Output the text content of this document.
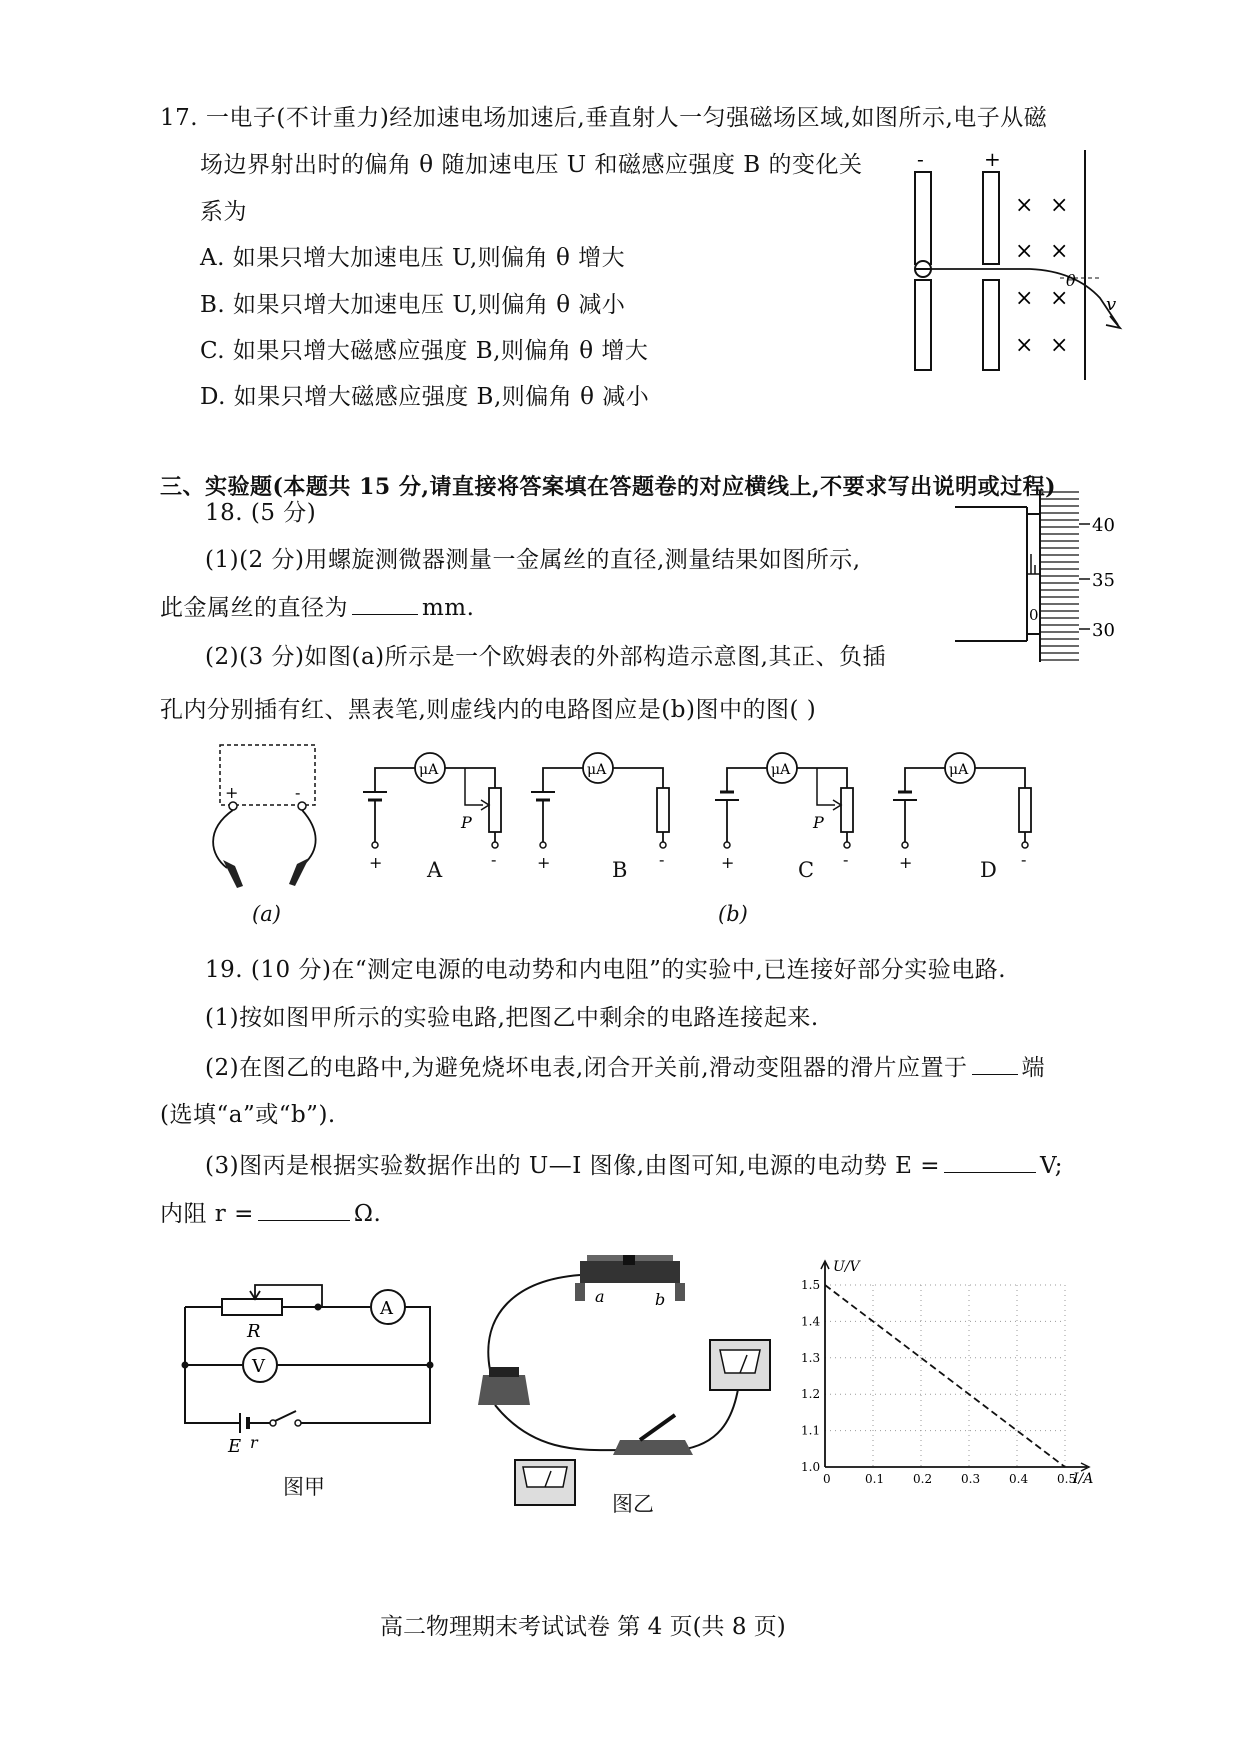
17. 一电子(不计重力)经加速电场加速后,垂直射人一匀强磁场区域,如图所示,电子从磁
场边界射出时的偏角 θ 随加速电压 U 和磁感应强度 B 的变化关
系为
A. 如果只增大加速电压 U,则偏角 θ 增大
B. 如果只增大加速电压 U,则偏角 θ 减小
C. 如果只增大磁感应强度 B,则偏角 θ 增大
D. 如果只增大磁感应强度 B,则偏角 θ 减小
-	+
× ×
× ×
× ×
× ×
θ
v
三、实验题(本题共 15 分,请直接将答案填在答题卷的对应横线上,不要求写出说明或过程)
18. (5 分)
(1)(2 分)用螺旋测微器测量一金属丝的直径,测量结果如图所示,
此金属丝的直径为	mm.
(2)(3 分)如图(a)所示是一个欧姆表的外部构造示意图,其正、负插
孔内分别插有红、黑表笔,则虚线内的电路图应是(b)图中的图( )
0
40
35
30
+	-
(a)
μA
+	-
P
μA
+	-
μA
+	-
P
μA
+	-
A	B	C	D
(b)
19. (10 分)在“测定电源的电动势和内电阻”的实验中,已连接好部分实验电路.
(1)按如图甲所示的实验电路,把图乙中剩余的电路连接起来.
(2)在图乙的电路中,为避免烧坏电表,闭合开关前,滑动变阻器的滑片应置于 端
(选填“a”或“b”).
(3)图丙是根据实验数据作出的 U—I 图像,由图可知,电源的电动势 E =	V;
内阻 r =	Ω.
A
V
E r
R
图甲
a	b
图乙
0	0.1 0.2 0.3 0.4 0.5
1.0
1.1
1.2
1.3
1.4
1.5
U/V
I/A
高二物理期末考试试卷 第 4 页(共 8 页)
